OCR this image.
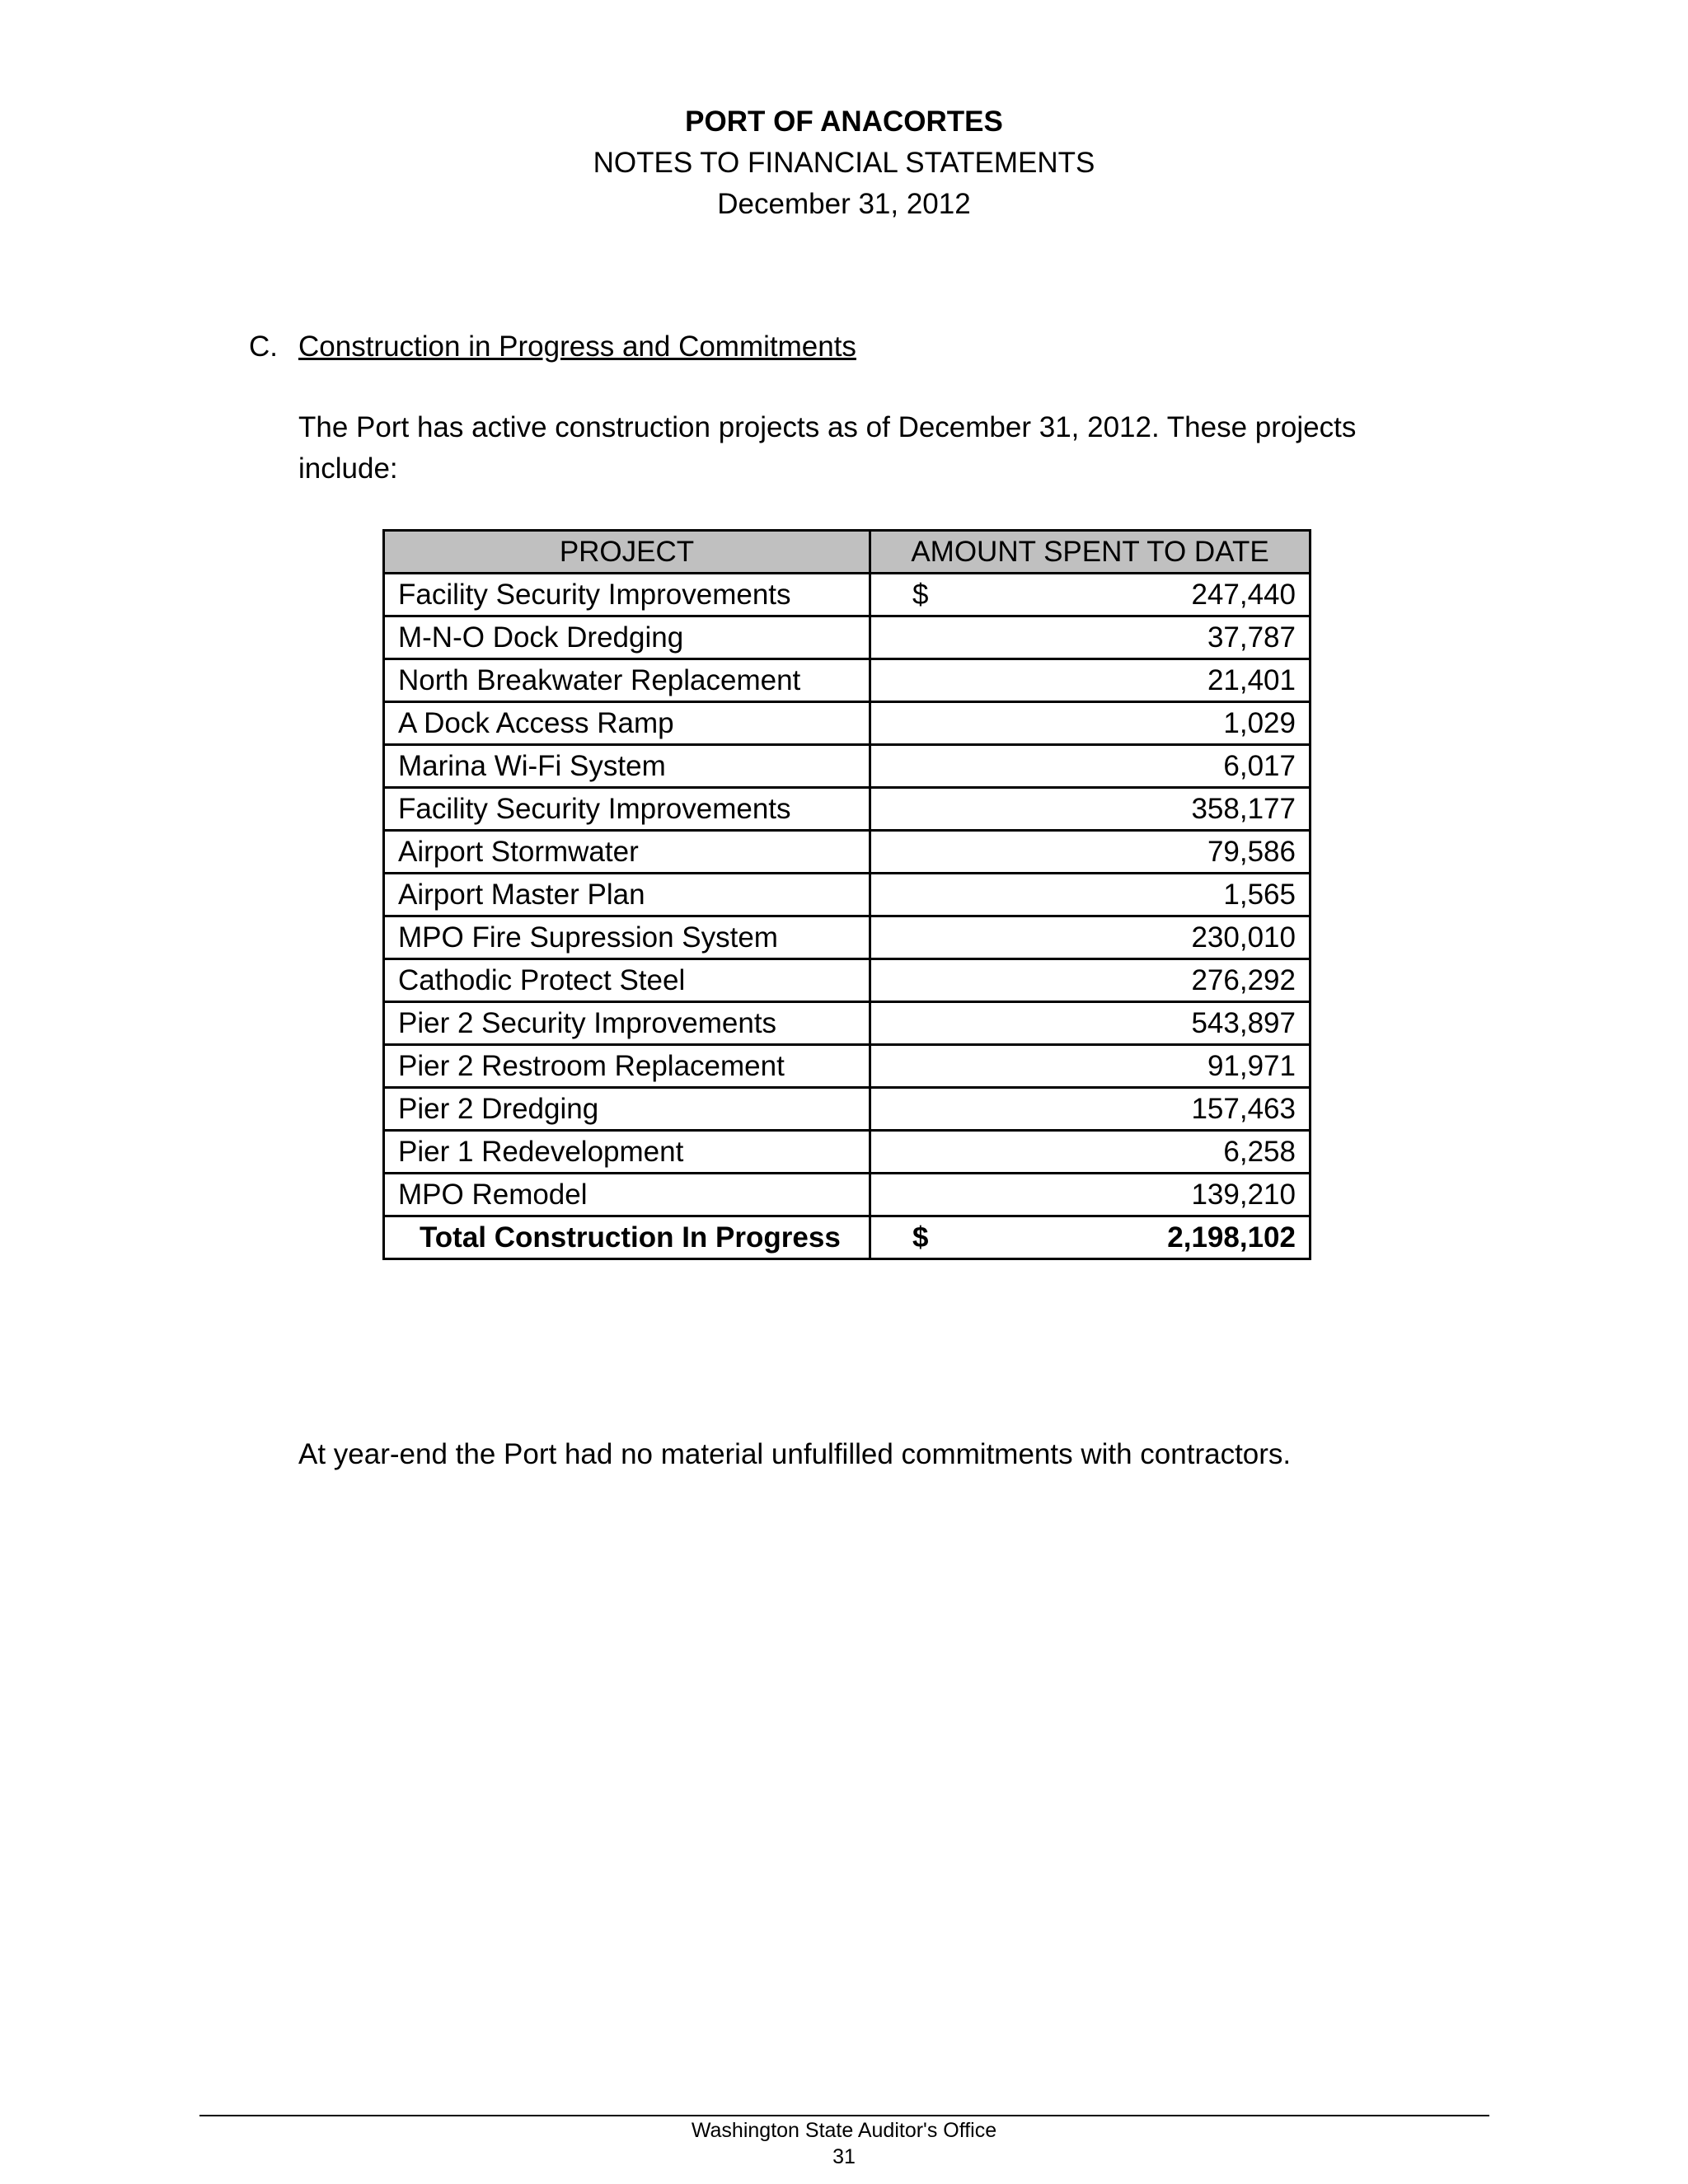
PORT OF ANACORTES
NOTES TO FINANCIAL STATEMENTS
December 31, 2012
C. Construction in Progress and Commitments
The Port has active construction projects as of December 31, 2012. These projects include:
PROJECT	AMOUNT SPENT TO DATE
Facility Security Improvements	$ 247,440
M-N-O Dock Dredging	37,787
North Breakwater Replacement	21,401
A Dock Access Ramp	1,029
Marina Wi-Fi System	6,017
Facility Security Improvements	358,177
Airport Stormwater	79,586
Airport Master Plan	1,565
MPO Fire Supression System	230,010
Cathodic Protect Steel	276,292
Pier 2 Security Improvements	543,897
Pier 2 Restroom Replacement	91,971
Pier 2 Dredging	157,463
Pier 1 Redevelopment	6,258
MPO Remodel	139,210
Total Construction In Progress	$ 2,198,102
At year-end the Port had no material unfulfilled commitments with contractors.
Washington State Auditor's Office
31
